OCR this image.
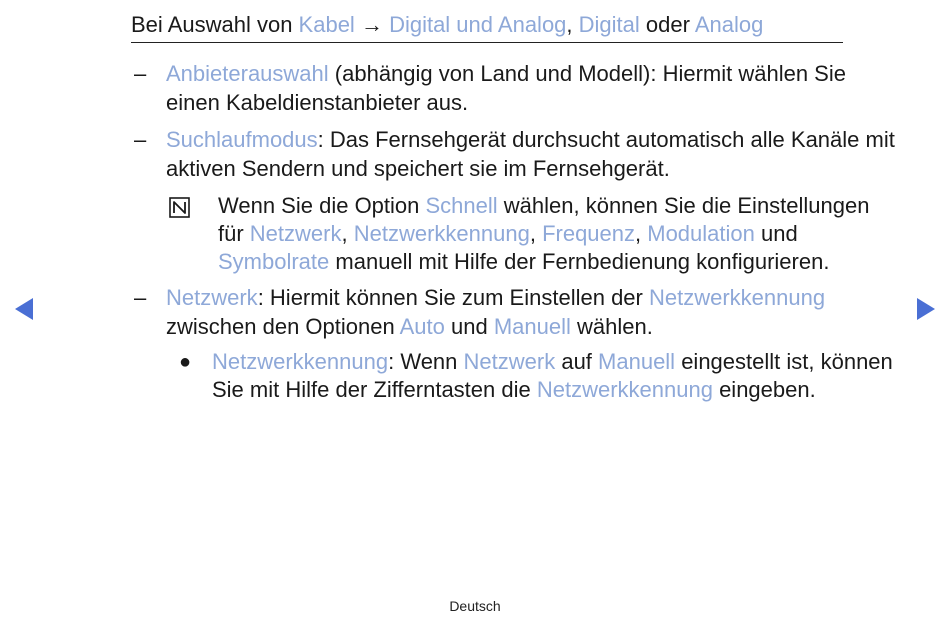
Bei Auswahl von Kabel → Digital und Analog, Digital oder Analog
– Anbieterauswahl (abhängig von Land und Modell): Hiermit wählen Sie einen Kabeldienstanbieter aus.
– Suchlaufmodus: Das Fernsehgerät durchsucht automatisch alle Kanäle mit aktiven Sendern und speichert sie im Fernsehgerät.
Wenn Sie die Option Schnell wählen, können Sie die Einstellungen für Netzwerk, Netzwerkkennung, Frequenz, Modulation und Symbolrate manuell mit Hilfe der Fernbedienung konfigurieren.
– Netzwerk: Hiermit können Sie zum Einstellen der Netzwerkkennung zwischen den Optionen Auto und Manuell wählen.
● Netzwerkkennung: Wenn Netzwerk auf Manuell eingestellt ist, können Sie mit Hilfe der Zifferntasten die Netzwerkkennung eingeben.
Deutsch
